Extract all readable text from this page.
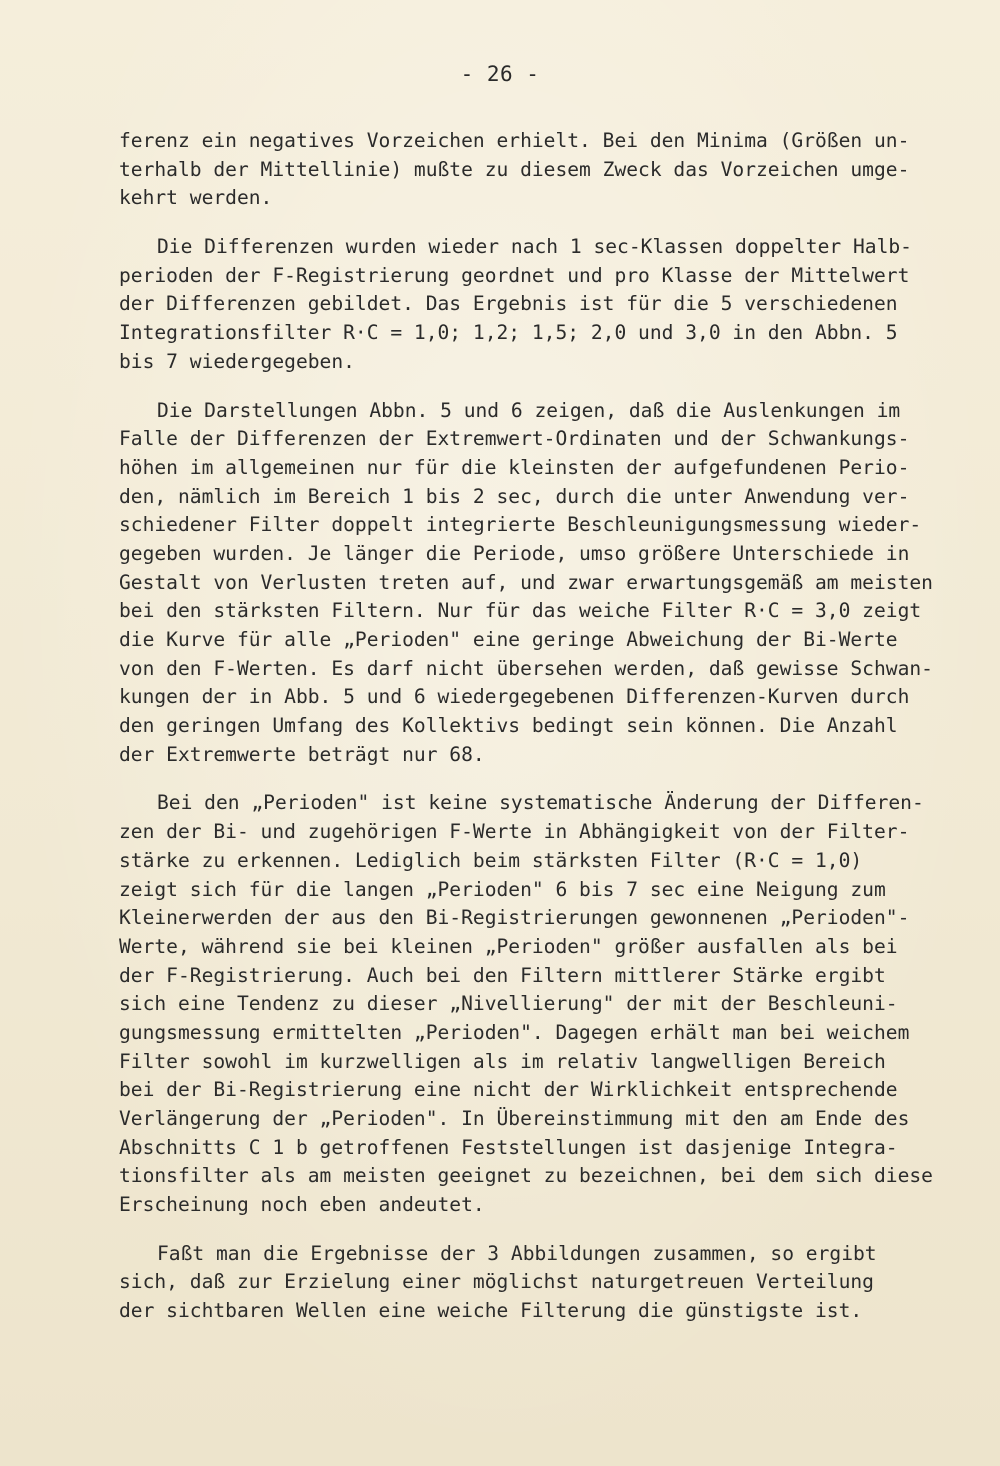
- 26 -
ferenz ein negatives Vorzeichen erhielt. Bei den Minima (Größen un-
terhalb der Mittellinie) mußte zu diesem Zweck das Vorzeichen umge-
kehrt werden.
Die Differenzen wurden wieder nach 1 sec-Klassen doppelter Halb-
perioden der F-Registrierung geordnet und pro Klasse der Mittelwert
der Differenzen gebildet. Das Ergebnis ist für die 5 verschiedenen
Integrationsfilter R·C = 1,0; 1,2; 1,5; 2,0 und 3,0 in den Abbn. 5
bis 7 wiedergegeben.
Die Darstellungen Abbn. 5 und 6 zeigen, daß die Auslenkungen im
Falle der Differenzen der Extremwert-Ordinaten und der Schwankungs-
höhen im allgemeinen nur für die kleinsten der aufgefundenen Perio-
den, nämlich im Bereich 1 bis 2 sec, durch die unter Anwendung ver-
schiedener Filter doppelt integrierte Beschleunigungsmessung wieder-
gegeben wurden. Je länger die Periode, umso größere Unterschiede in
Gestalt von Verlusten treten auf, und zwar erwartungsgemäß am meisten
bei den stärksten Filtern. Nur für das weiche Filter R·C = 3,0 zeigt
die Kurve für alle „Perioden" eine geringe Abweichung der Bi-Werte
von den F-Werten. Es darf nicht übersehen werden, daß gewisse Schwan-
kungen der in Abb. 5 und 6 wiedergegebenen Differenzen-Kurven durch
den geringen Umfang des Kollektivs bedingt sein können. Die Anzahl
der Extremwerte beträgt nur 68.
Bei den „Perioden" ist keine systematische Änderung der Differen-
zen der Bi- und zugehörigen F-Werte in Abhängigkeit von der Filter-
stärke zu erkennen. Lediglich beim stärksten Filter (R·C = 1,0)
zeigt sich für die langen „Perioden" 6 bis 7 sec eine Neigung zum
Kleinerwerden der aus den Bi-Registrierungen gewonnenen „Perioden"-
Werte, während sie bei kleinen „Perioden" größer ausfallen als bei
der F-Registrierung. Auch bei den Filtern mittlerer Stärke ergibt
sich eine Tendenz zu dieser „Nivellierung" der mit der Beschleuni-
gungsmessung ermittelten „Perioden". Dagegen erhält man bei weichem
Filter sowohl im kurzwelligen als im relativ langwelligen Bereich
bei der Bi-Registrierung eine nicht der Wirklichkeit entsprechende
Verlängerung der „Perioden". In Übereinstimmung mit den am Ende des
Abschnitts C 1 b getroffenen Feststellungen ist dasjenige Integra-
tionsfilter als am meisten geeignet zu bezeichnen, bei dem sich diese
Erscheinung noch eben andeutet.
Faßt man die Ergebnisse der 3 Abbildungen zusammen, so ergibt
sich, daß zur Erzielung einer möglichst naturgetreuen Verteilung
der sichtbaren Wellen eine weiche Filterung die günstigste ist.
